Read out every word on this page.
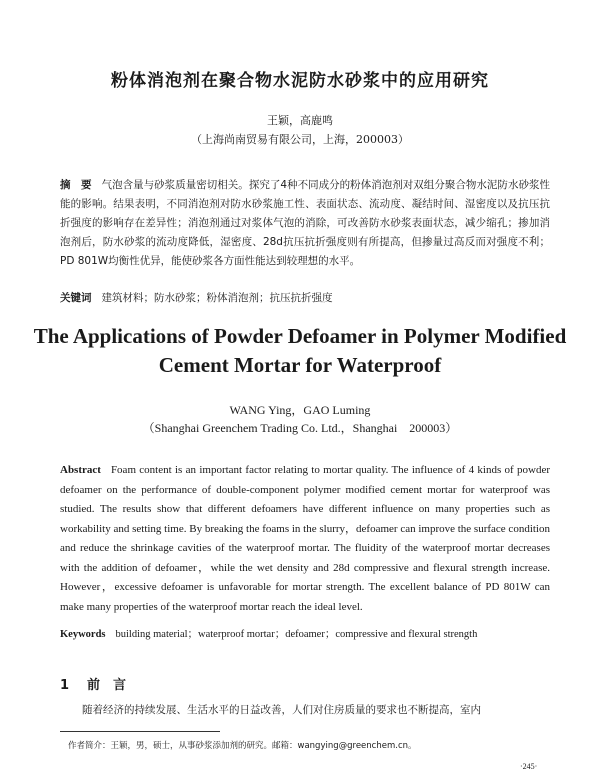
粉体消泡剂在聚合物水泥防水砂浆中的应用研究
王颖，高鹿鸣
（上海尚南贸易有限公司，上海，200003）
摘　要 气泡含量与砂浆质量密切相关。探究了4种不同成分的粉体消泡剂对双组分聚合物水泥防水砂浆性能的影响。结果表明，不同消泡剂对防水砂浆施工性、表面状态、流动度、凝结时间、湿密度以及抗压抗折强度的影响存在差异性；消泡剂通过对浆体气泡的消除，可改善防水砂浆表面状态，减少缩孔；掺加消泡剂后，防水砂浆的流动度降低，湿密度、28d抗压抗折强度则有所提高，但掺量过高反而对强度不利；PD 801W均衡性优异，能使砂浆各方面性能达到较理想的水平。
关键词 建筑材料；防水砂浆；粉体消泡剂；抗压抗折强度
The Applications of Powder Defoamer in Polymer Modified Cement Mortar for Waterproof
WANG Ying，GAO Luming
（Shanghai Greenchem Trading Co. Ltd.，Shanghai　200003）
Abstract Foam content is an important factor relating to mortar quality. The influence of 4 kinds of powder defoamer on the performance of double-component polymer modified cement mortar for waterproof was studied. The results show that different defoamers have different influence on many properties such as workability and setting time. By breaking the foams in the slurry，defoamer can improve the surface condition and reduce the shrinkage cavities of the waterproof mortar. The fluidity of the waterproof mortar decreases with the addition of defoamer，while the wet density and 28d compressive and flexural strength increase. However，excessive defoamer is unfavorable for mortar strength. The excellent balance of PD 801W can make many properties of the waterproof mortar reach the ideal level.
Keywords building material；waterproof mortar；defoamer；compressive and flexural strength
1 前　言
随着经济的持续发展、生活水平的日益改善，人们对住房质量的要求也不断提高，室内
作者简介：王颖，男，硕士，从事砂浆添加剂的研究。邮箱：wangying@greenchem.cn。
·245·
